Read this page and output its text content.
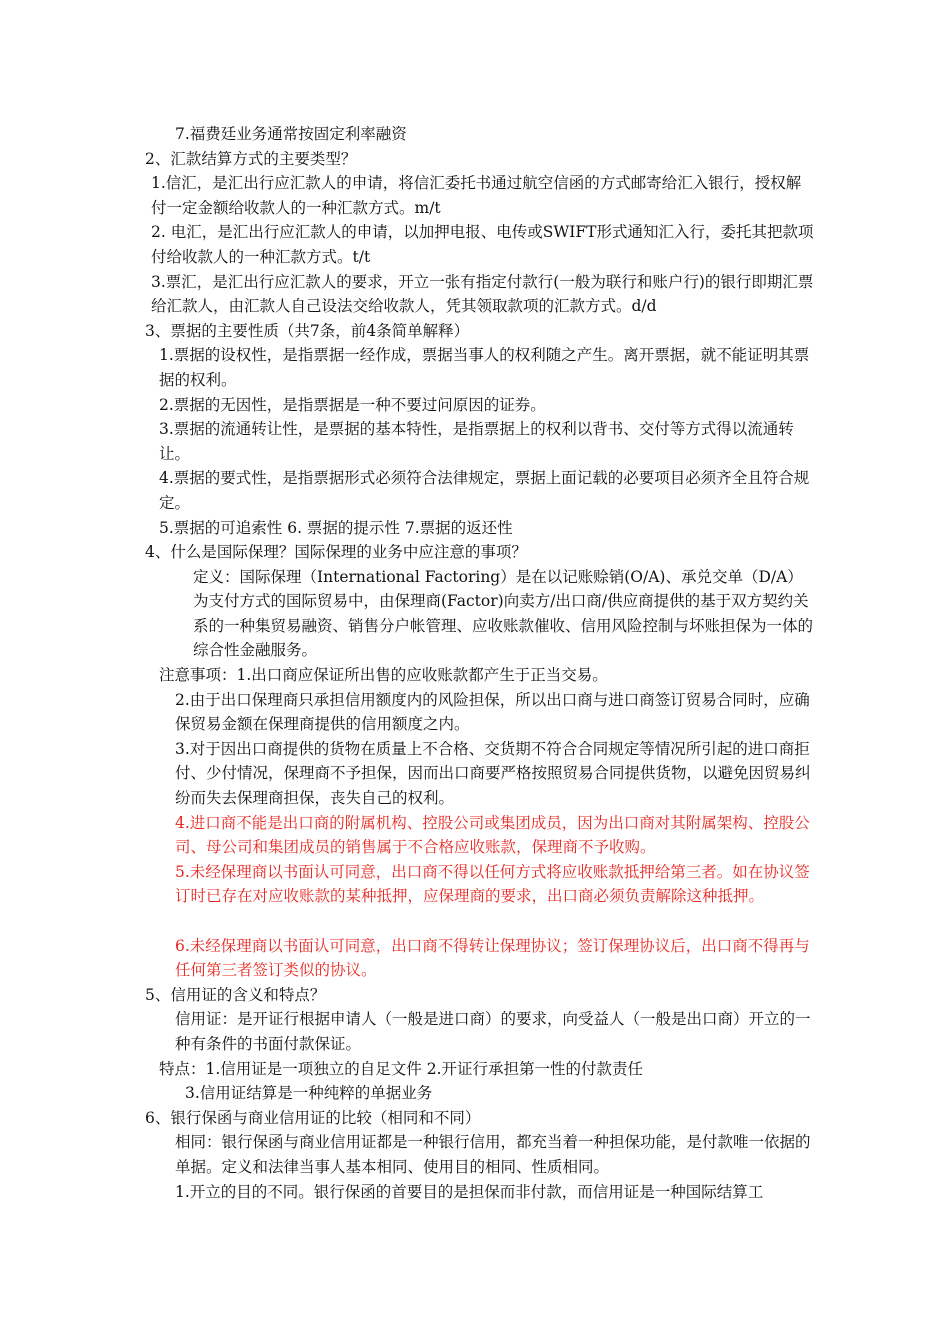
7.福费廷业务通常按固定利率融资

2、汇款结算方式的主要类型？

1.信汇，是汇出行应汇款人的申请，将信汇委托书通过航空信函的方式邮寄给汇入银行，授权解付一定金额给收款人的一种汇款方式。m/t

2. 电汇，是汇出行应汇款人的申请，以加押电报、电传或SWIFT形式通知汇入行，委托其把款项付给收款人的一种汇款方式。t/t

3.票汇，是汇出行应汇款人的要求，开立一张有指定付款行(一般为联行和账户行)的银行即期汇票给汇款人，由汇款人自己设法交给收款人，凭其领取款项的汇款方式。d/d

3、票据的主要性质（共7条，前4条简单解释）

1.票据的设权性，是指票据一经作成，票据当事人的权利随之产生。离开票据，就不能证明其票据的权利。

2.票据的无因性，是指票据是一种不要过问原因的证券。

3.票据的流通转让性，是票据的基本特性，是指票据上的权利以背书、交付等方式得以流通转让。

4.票据的要式性，是指票据形式必须符合法律规定，票据上面记载的必要项目必须齐全且符合规定。

5.票据的可追索性 6. 票据的提示性 7.票据的返还性

4、什么是国际保理？国际保理的业务中应注意的事项？

定义：国际保理（International Factoring）是在以记账赊销(O/A)、承兑交单（D/A）为支付方式的国际贸易中，由保理商(Factor)向卖方/出口商/供应商提供的基于双方契约关系的一种集贸易融资、销售分户帐管理、应收账款催收、信用风险控制与坏账担保为一体的综合性金融服务。

注意事项：1.出口商应保证所出售的应收账款都产生于正当交易。

2.由于出口保理商只承担信用额度内的风险担保，所以出口商与进口商签订贸易合同时，应确保贸易金额在保理商提供的信用额度之内。

3.对于因出口商提供的货物在质量上不合格、交货期不符合合同规定等情况所引起的进口商拒付、少付情况，保理商不予担保，因而出口商要严格按照贸易合同提供货物，以避免因贸易纠纷而失去保理商担保，丧失自己的权利。

4.进口商不能是出口商的附属机构、控股公司或集团成员，因为出口商对其附属架构、控股公司、母公司和集团成员的销售属于不合格应收账款，保理商不予收购。

5.未经保理商以书面认可同意，出口商不得以任何方式将应收账款抵押给第三者。如在协议签订时已存在对应收账款的某种抵押，应保理商的要求，出口商必须负责解除这种抵押。

6.未经保理商以书面认可同意，出口商不得转让保理协议；签订保理协议后，出口商不得再与任何第三者签订类似的协议。

5、信用证的含义和特点？

信用证：是开证行根据申请人（一般是进口商）的要求，向受益人（一般是出口商）开立的一种有条件的书面付款保证。

特点：1.信用证是一项独立的自足文件 2.开证行承担第一性的付款责任

3.信用证结算是一种纯粹的单据业务

6、银行保函与商业信用证的比较（相同和不同）

相同：银行保函与商业信用证都是一种银行信用，都充当着一种担保功能，是付款唯一依据的单据。定义和法律当事人基本相同、使用目的相同、性质相同。

1.开立的目的不同。银行保函的首要目的是担保而非付款，而信用证是一种国际结算工
